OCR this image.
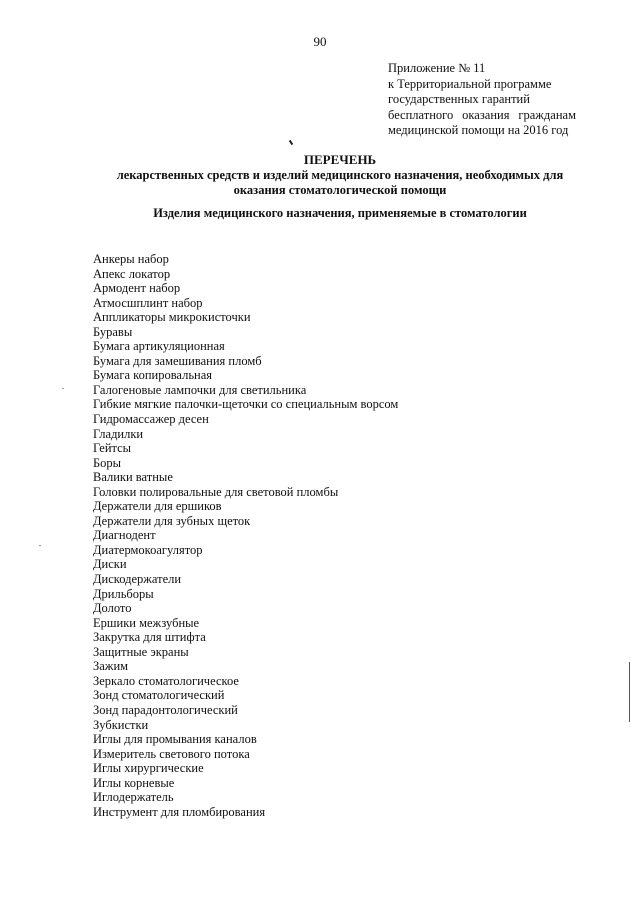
90
Приложение № 11
к Территориальной программе
государственных гарантий
бесплатного оказания гражданам
медицинской помощи на 2016 год
ПЕРЕЧЕНЬ
лекарственных средств и изделий медицинского назначения, необходимых для
оказания стоматологической помощи
Изделия медицинского назначения, применяемые в стоматологии
Анкеры набор
Апекс локатор
Армодент набор
Атмосшплинт набор
Аппликаторы микрокисточки
Буравы
Бумага артикуляционная
Бумага для замешивания пломб
Бумага копировальная
Галогеновые лампочки для светильника
Гибкие мягкие палочки-щеточки со специальным ворсом
Гидромассажер десен
Гладилки
Гейтсы
Боры
Валики ватные
Головки полировальные для световой пломбы
Держатели для ершиков
Держатели для зубных щеток
Диагнодент
Диатермокоагулятор
Диски
Дискодержатели
Дрильборы
Долото
Ершики межзубные
Закрутка для штифта
Защитные экраны
Зажим
Зеркало стоматологическое
Зонд стоматологический
Зонд парадонтологический
Зубкистки
Иглы для промывания каналов
Измеритель светового потока
Иглы хирургические
Иглы корневые
Иглодержатель
Инструмент для пломбирования
